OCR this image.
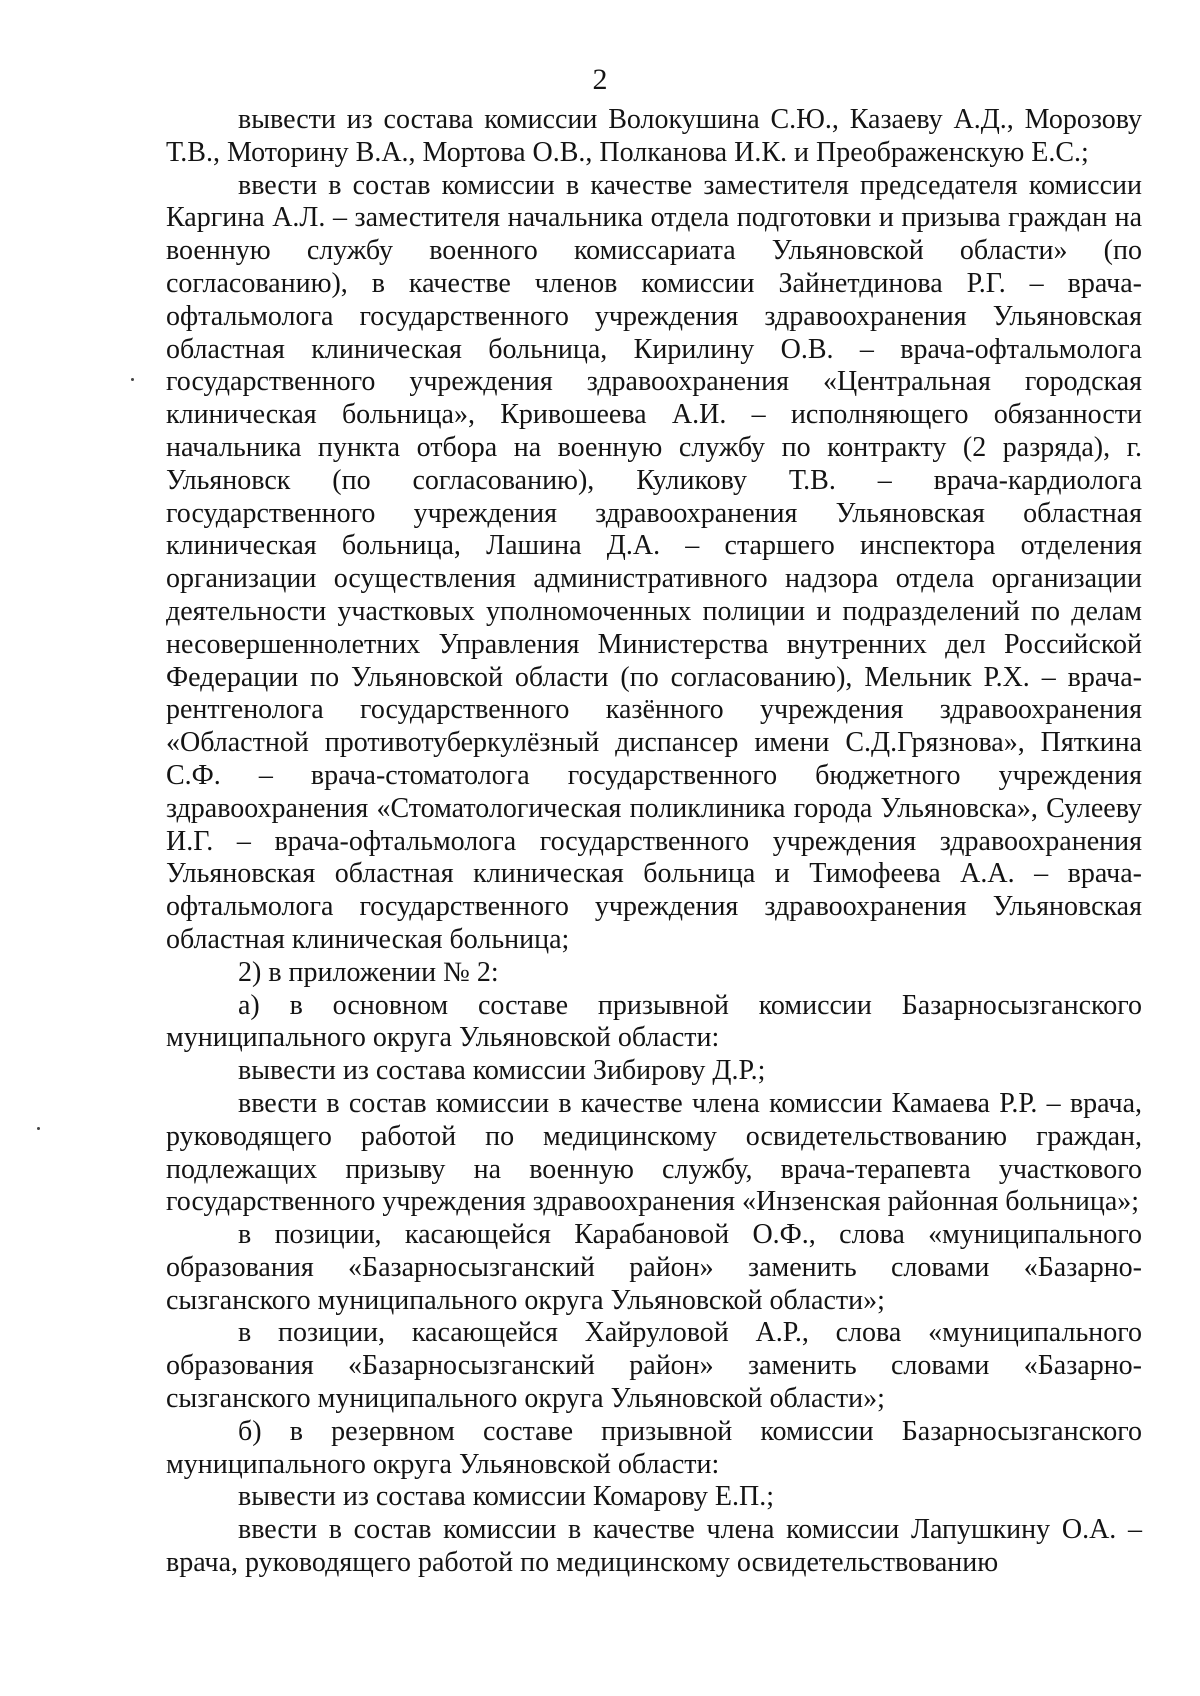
2

вывести из состава комиссии Волокушина С.Ю., Казаеву А.Д., Морозову Т.В., Моторину В.А., Мортова О.В., Полканова И.К. и Преображенскую Е.С.;

ввести в состав комиссии в качестве заместителя председателя комиссии Каргина А.Л. – заместителя начальника отдела подготовки и призыва граждан на военную службу военного комиссариата Ульяновской области» (по согласованию), в качестве членов комиссии Зайнетдинова Р.Г. – врача-офтальмолога государственного учреждения здравоохранения Ульяновская областная клиническая больница, Кирилину О.В. – врача-офтальмолога государственного учреждения здравоохранения «Центральная городская клиническая больница», Кривошеева А.И. – исполняющего обязанности начальника пункта отбора на военную службу по контракту (2 разряда), г. Ульяновск (по согласованию), Куликову Т.В. – врача-кардиолога государственного учреждения здравоохранения Ульяновская областная клиническая больница, Лашина Д.А. – старшего инспектора отделения организации осуществления административного надзора отдела организации деятельности участковых уполномоченных полиции и подразделений по делам несовершеннолетних Управления Министерства внутренних дел Российской Федерации по Ульяновской области (по согласованию), Мельник Р.Х. – врача-рентгенолога государственного казённого учреждения здравоохранения «Областной противотуберкулёзный диспансер имени С.Д.Грязнова», Пяткина С.Ф. – врача-стоматолога государственного бюджетного учреждения здравоохранения «Стоматологическая поликлиника города Ульяновска», Сулееву И.Г. – врача-офтальмолога государственного учреждения здравоохранения Ульяновская областная клиническая больница и Тимофеева А.А. – врача-офтальмолога государственного учреждения здравоохранения Ульяновская областная клиническая больница;

2) в приложении № 2:

а) в основном составе призывной комиссии Базарносызганского муниципального округа Ульяновской области:

вывести из состава комиссии Зибирову Д.Р.;

ввести в состав комиссии в качестве члена комиссии Камаева Р.Р. – врача, руководящего работой по медицинскому освидетельствованию граждан, подлежащих призыву на военную службу, врача-терапевта участкового государственного учреждения здравоохранения «Инзенская районная больница»;

в позиции, касающейся Карабановой О.Ф., слова «муниципального образования «Базарносызганский район» заменить словами «Базарно-сызганского муниципального округа Ульяновской области»;

в позиции, касающейся Хайруловой А.Р., слова «муниципального образования «Базарносызганский район» заменить словами «Базарно-сызганского муниципального округа Ульяновской области»;

б) в резервном составе призывной комиссии Базарносызганского муниципального округа Ульяновской области:

вывести из состава комиссии Комарову Е.П.;

ввести в состав комиссии в качестве члена комиссии Лапушкину О.А. – врача, руководящего работой по медицинскому освидетельствованию
